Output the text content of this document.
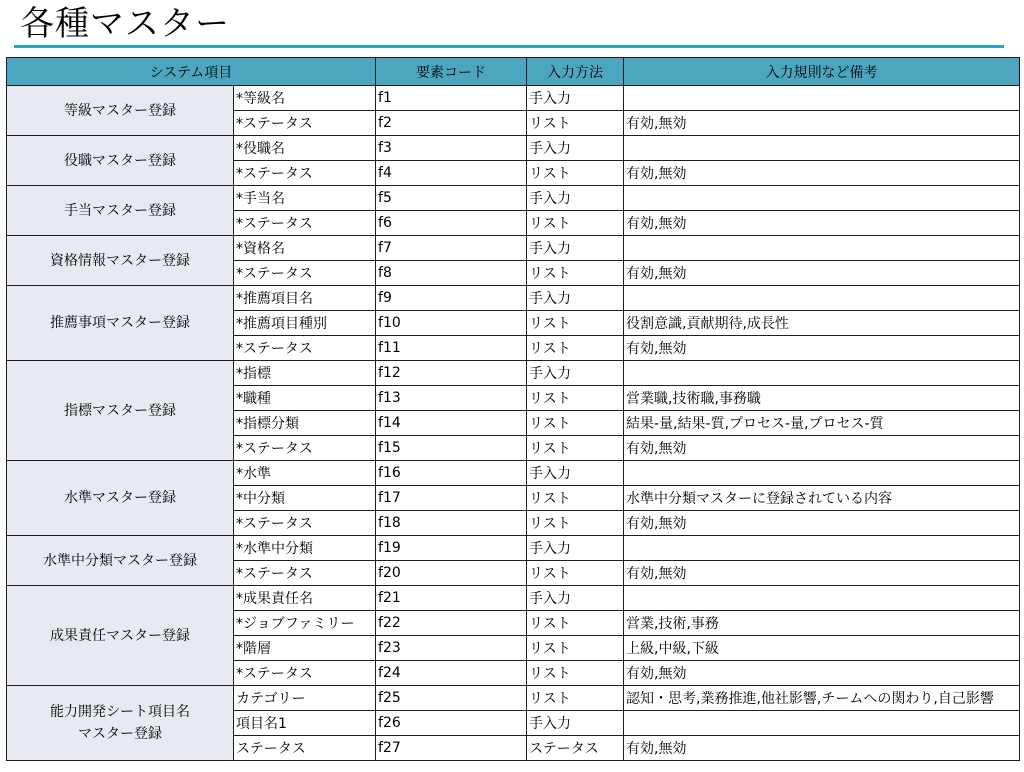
各種マスター
システム項目		要素コード	入力方法	入力規則など備考
等級マスター登録	*等級名	f1	手入力	
	*ステータス	f2	リスト	有効,無効
役職マスター登録	*役職名	f3	手入力	
	*ステータス	f4	リスト	有効,無効
手当マスター登録	*手当名	f5	手入力	
	*ステータス	f6	リスト	有効,無効
資格情報マスター登録	*資格名	f7	手入力	
	*ステータス	f8	リスト	有効,無効
推薦事項マスター登録	*推薦項目名	f9	手入力	
	*推薦項目種別	f10	リスト	役割意識,貢献期待,成長性
	*ステータス	f11	リスト	有効,無効
指標マスター登録	*指標	f12	手入力	
	*職種	f13	リスト	営業職,技術職,事務職
	*指標分類	f14	リスト	結果-量,結果-質,プロセス-量,プロセス-質
	*ステータス	f15	リスト	有効,無効
水準マスター登録	*水準	f16	手入力	
	*中分類	f17	リスト	水準中分類マスターに登録されている内容
	*ステータス	f18	リスト	有効,無効
水準中分類マスター登録	*水準中分類	f19	手入力	
	*ステータス	f20	リスト	有効,無効
成果責任マスター登録	*成果責任名	f21	手入力	
	*ジョブファミリー	f22	リスト	営業,技術,事務
	*階層	f23	リスト	上級,中級,下級
	*ステータス	f24	リスト	有効,無効

能力開発シート項目名
マスター登録	カテゴリー	f25	リスト	認知・思考,業務推進,他社影響,チームへの関わり,自己影響
	項目名1	f26	手入力	
	ステータス	f27	ステータス	有効,無効
